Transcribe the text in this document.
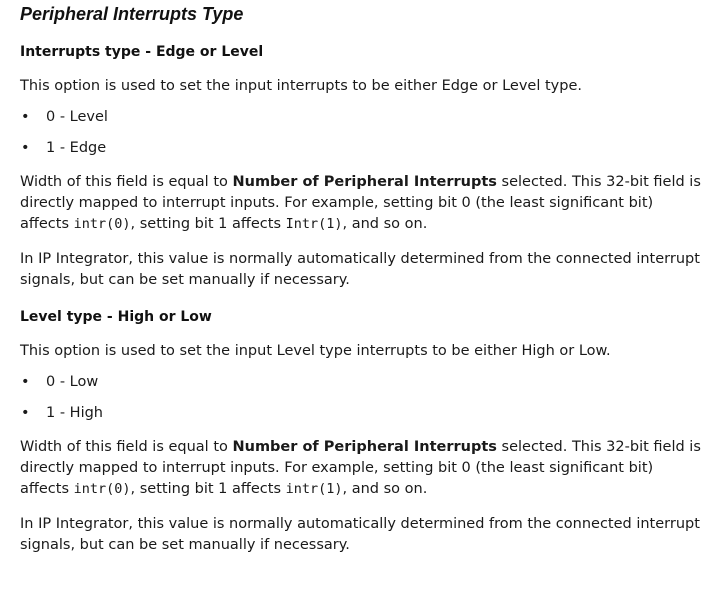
Peripheral Interrupts Type
Interrupts type - Edge or Level

This option is used to set the input interrupts to be either Edge or Level type.

• 0 - Level
• 1 - Edge

Width of this field is equal to Number of Peripheral Interrupts selected. This 32-bit field is directly mapped to interrupt inputs. For example, setting bit 0 (the least significant bit) affects intr(0), setting bit 1 affects Intr(1), and so on.

In IP Integrator, this value is normally automatically determined from the connected interrupt signals, but can be set manually if necessary.

Level type - High or Low

This option is used to set the input Level type interrupts to be either High or Low.

• 0 - Low
• 1 - High

Width of this field is equal to Number of Peripheral Interrupts selected. This 32-bit field is directly mapped to interrupt inputs. For example, setting bit 0 (the least significant bit) affects intr(0), setting bit 1 affects intr(1), and so on.

In IP Integrator, this value is normally automatically determined from the connected interrupt signals, but can be set manually if necessary.
